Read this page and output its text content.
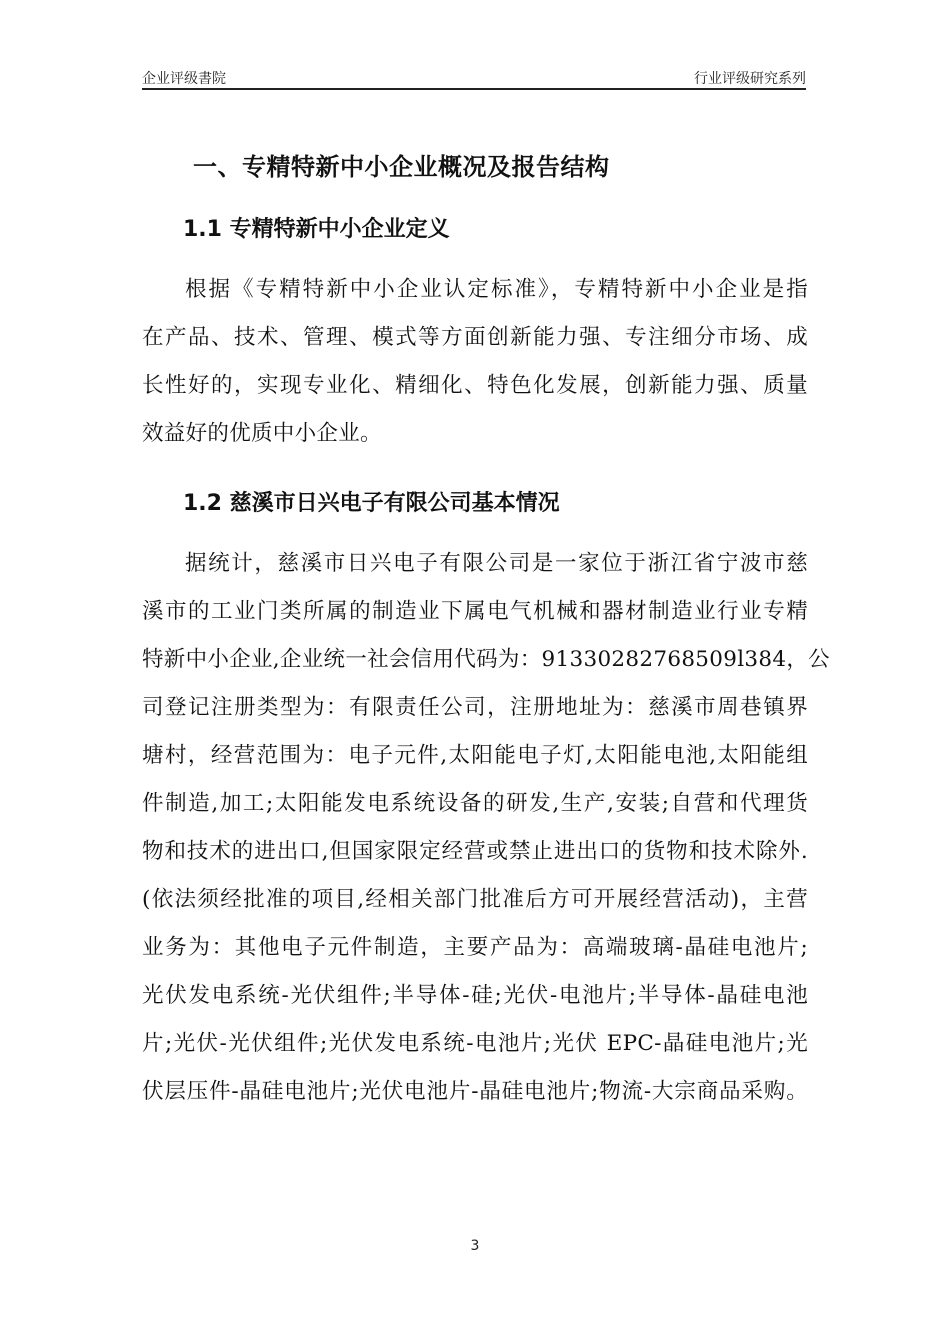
企业评级書院	行业评级研究系列
一、专精特新中小企业概况及报告结构
1.1 专精特新中小企业定义
根据《专精特新中小企业认定标准》，专精特新中小企业是指
在产品、技术、管理、模式等方面创新能力强、专注细分市场、成
长性好的，实现专业化、精细化、特色化发展，创新能力强、质量
效益好的优质中小企业。
1.2 慈溪市日兴电子有限公司基本情况
据统计，慈溪市日兴电子有限公司是一家位于浙江省宁波市慈
溪市的工业门类所属的制造业下属电气机械和器材制造业行业专精
特新中小企业,企业统一社会信用代码为：91330282768509l384，公
司登记注册类型为：有限责任公司，注册地址为：慈溪市周巷镇界
塘村，经营范围为：电子元件,太阳能电子灯,太阳能电池,太阳能组
件制造,加工;太阳能发电系统设备的研发,生产,安装;自营和代理货
物和技术的进出口,但国家限定经营或禁止进出口的货物和技术除外.
(依法须经批准的项目,经相关部门批准后方可开展经营活动)，主营
业务为：其他电子元件制造，主要产品为：高端玻璃-晶硅电池片;
光伏发电系统-光伏组件;半导体-硅;光伏-电池片;半导体-晶硅电池
片;光伏-光伏组件;光伏发电系统-电池片;光伏 EPC-晶硅电池片;光
伏层压件-晶硅电池片;光伏电池片-晶硅电池片;物流-大宗商品采购。
3
